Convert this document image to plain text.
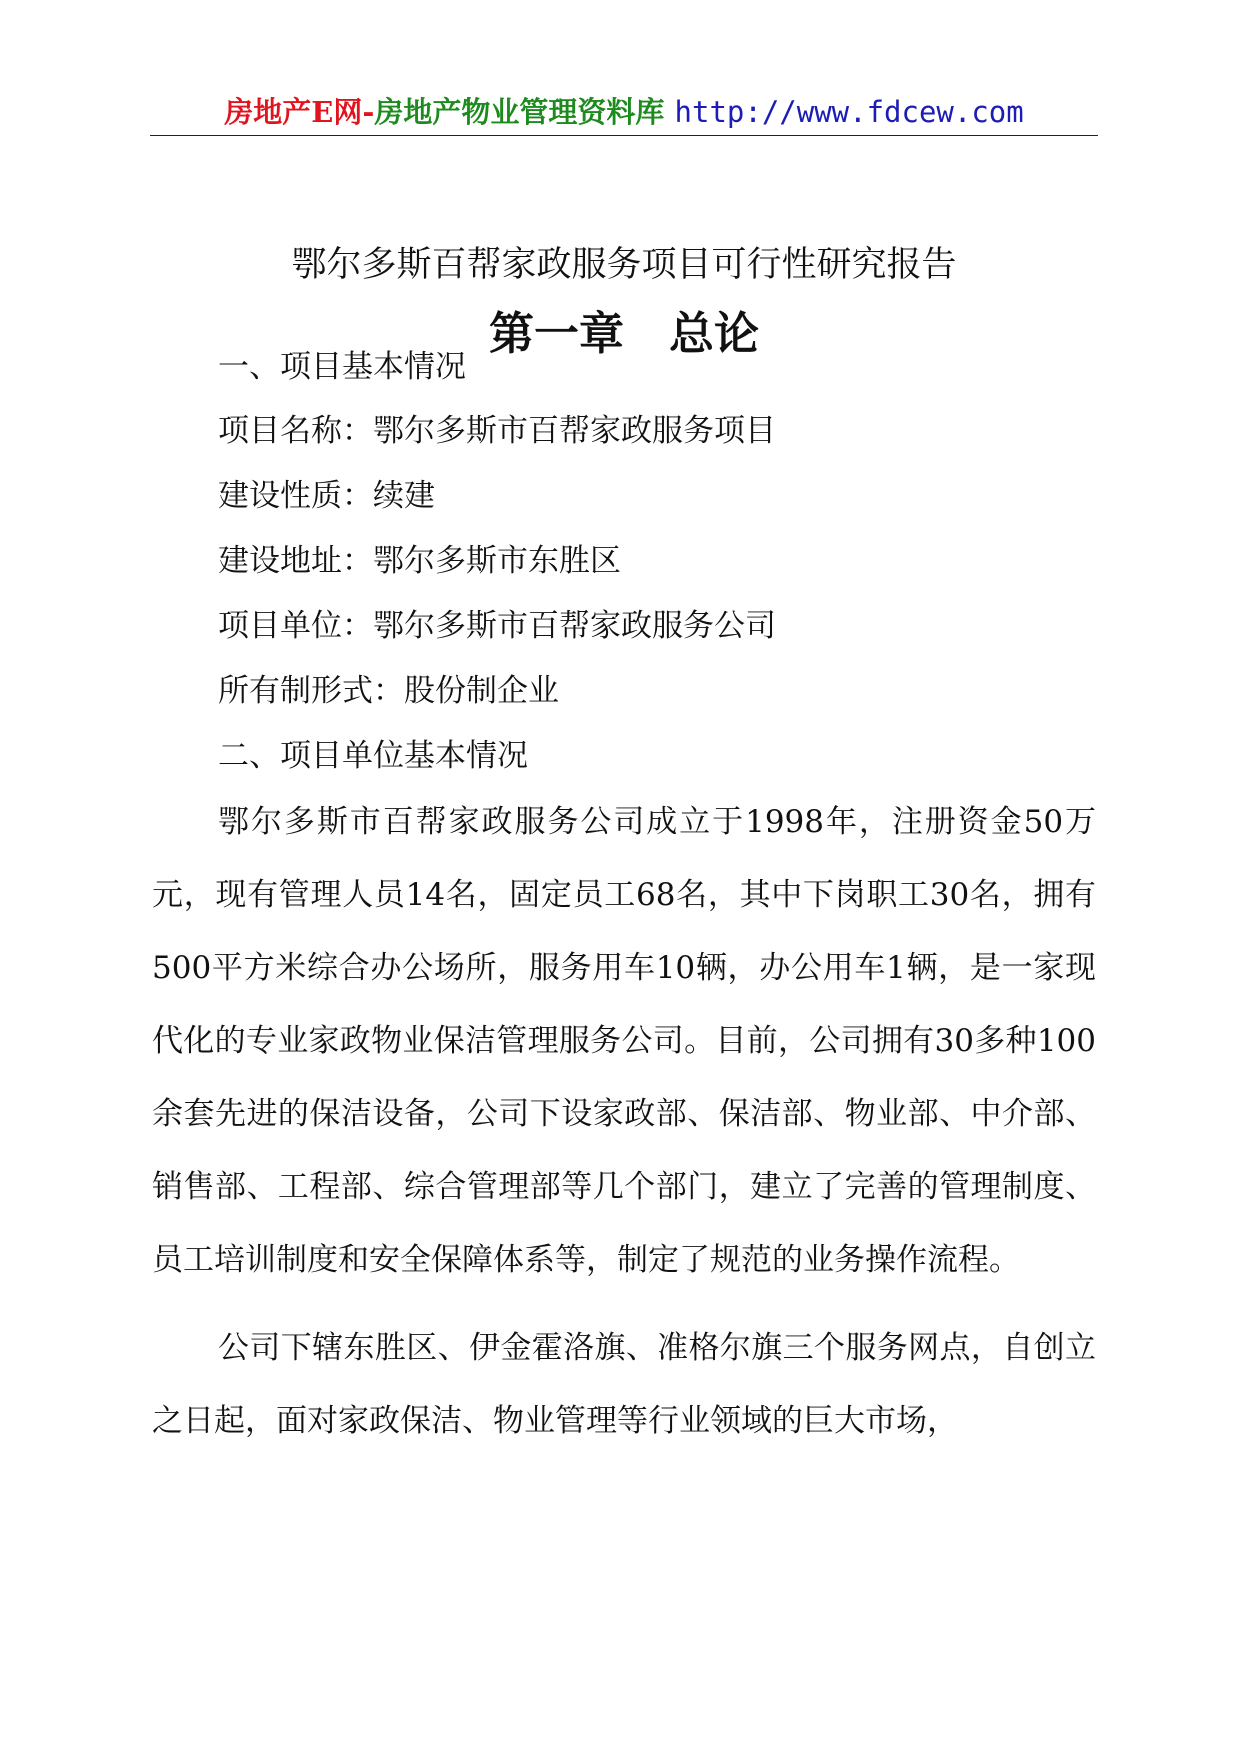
房地产E网-房地产物业管理资料库 http://www.fdcew.com
鄂尔多斯百帮家政服务项目可行性研究报告
第一章　总论
一、项目基本情况
项目名称：鄂尔多斯市百帮家政服务项目
建设性质：续建
建设地址：鄂尔多斯市东胜区
项目单位：鄂尔多斯市百帮家政服务公司
所有制形式：股份制企业
二、项目单位基本情况
鄂尔多斯市百帮家政服务公司成立于1998年，注册资金50万元，现有管理人员14名，固定员工68名，其中下岗职工30名，拥有500平方米综合办公场所，服务用车10辆，办公用车1辆，是一家现代化的专业家政物业保洁管理服务公司。目前，公司拥有30多种100余套先进的保洁设备，公司下设家政部、保洁部、物业部、中介部、销售部、工程部、综合管理部等几个部门，建立了完善的管理制度、员工培训制度和安全保障体系等，制定了规范的业务操作流程。
公司下辖东胜区、伊金霍洛旗、准格尔旗三个服务网点，自创立之日起，面对家政保洁、物业管理等行业领域的巨大市场，
